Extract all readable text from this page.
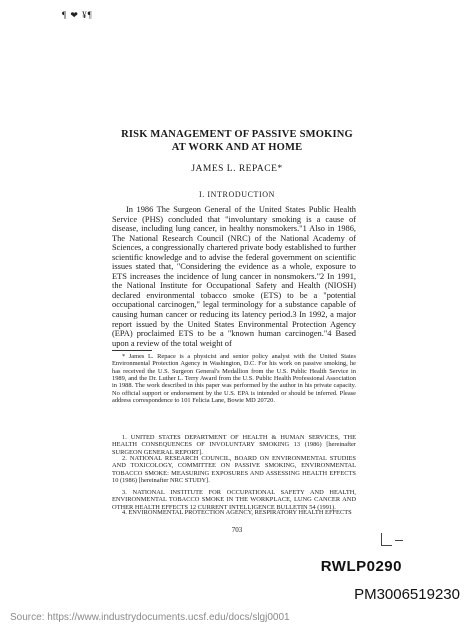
¶ ❤ ¥¶
RISK MANAGEMENT OF PASSIVE SMOKING
AT WORK AND AT HOME
JAMES L. REPACE*
I. INTRODUCTION

In 1986 The Surgeon General of the United States Public Health Service (PHS) concluded that "involuntary smoking is a cause of disease, including lung cancer, in healthy nonsmokers."1 Also in 1986, The National Research Council (NRC) of the National Academy of Sciences, a congressionally chartered private body established to further scientific knowledge and to advise the federal government on scientific issues stated that, "Considering the evidence as a whole, exposure to ETS increases the incidence of lung cancer in nonsmokers."2 In 1991, the National Institute for Occupational Safety and Health (NIOSH) declared environmental tobacco smoke (ETS) to be a "potential occupational carcinogen," legal terminology for a substance capable of causing human cancer or reducing its latency period.3 In 1992, a major report issued by the United States Environmental Protection Agency (EPA) proclaimed ETS to be a "known human carcinogen."4 Based upon a review of the total weight of

* James L. Repace is a physicist and senior policy analyst with the United States Environmental Protection Agency in Washington, D.C. For his work on passive smoking, he has received the U.S. Surgeon General's Medallion from the U.S. Public Health Service in 1989, and the Dr. Luther L. Terry Award from the U.S. Public Health Professional Association in 1988. The work described in this paper was performed by the author in his private capacity. No official support or endorsement by the U.S. EPA is intended or should be inferred. Please address correspondence to 101 Felicia Lane, Bowie MD 20720.

1. UNITED STATES DEPARTMENT OF HEALTH & HUMAN SERVICES, THE HEALTH CONSEQUENCES OF INVOLUNTARY SMOKING 13 (1986) [hereinafter SURGEON GENERAL REPORT].

2. NATIONAL RESEARCH COUNCIL, BOARD ON ENVIRONMENTAL STUDIES AND TOXICOLOGY, COMMITTEE ON PASSIVE SMOKING, ENVIRONMENTAL TOBACCO SMOKE: MEASURING EXPOSURES AND ASSESSING HEALTH EFFECTS 10 (1986) [hereinafter NRC STUDY].

3. NATIONAL INSTITUTE FOR OCCUPATIONAL SAFETY AND HEALTH, ENVIRONMENTAL TOBACCO SMOKE IN THE WORKPLACE, LUNG CANCER AND OTHER HEALTH EFFECTS 12 CURRENT INTELLIGENCE BULLETIN 54 (1991).

4. ENVIRONMENTAL PROTECTION AGENCY, RESPIRATORY HEALTH EFFECTS

703
RWLP0290
PM3006519230
Source: https://www.industrydocuments.ucsf.edu/docs/slgj0001
